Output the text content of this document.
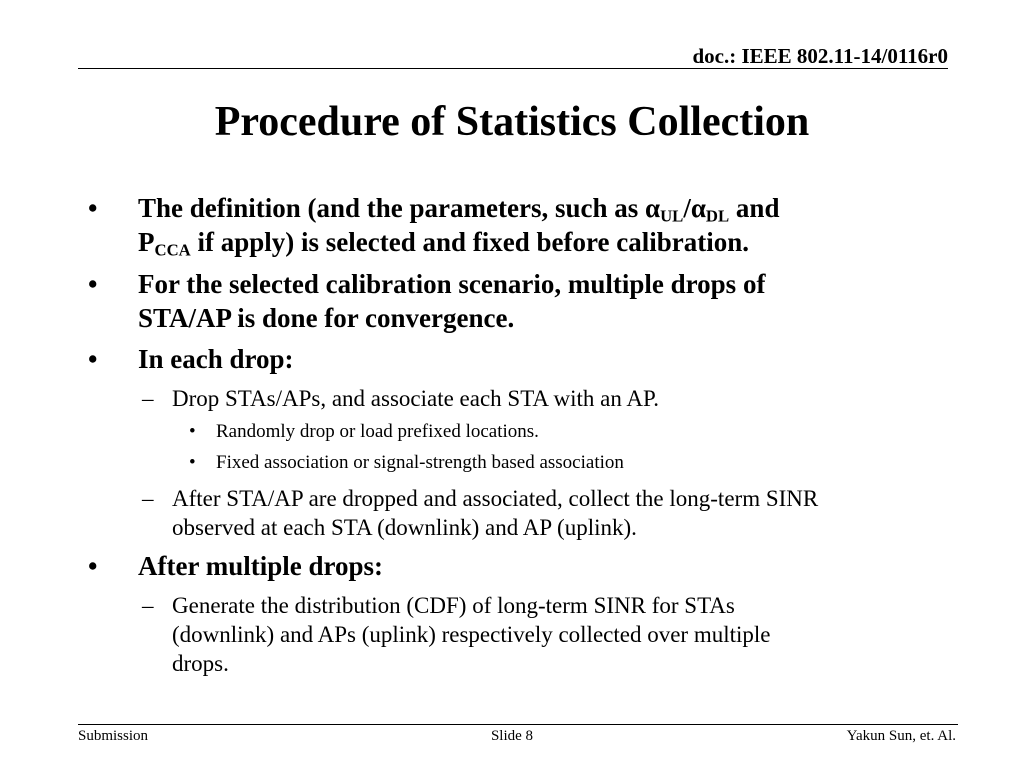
doc.: IEEE 802.11-14/0116r0
Procedure of Statistics Collection
• The definition (and the parameters, such as $\alpha_{UL}/\alpha_{DL}$ and
$P_{CCA}$ if apply) is selected and fixed before calibration.
• For the selected calibration scenario, multiple drops of
STA/AP is done for convergence.
• In each drop:
– Drop STAs/APs, and associate each STA with an AP.
• Randomly drop or load prefixed locations.
• Fixed association or signal-strength based association
– After STA/AP are dropped and associated, collect the long-term SINR
observed at each STA (downlink) and AP (uplink).
• After multiple drops:
– Generate the distribution (CDF) of long-term SINR for STAs
(downlink) and APs (uplink) respectively collected over multiple
drops.
Submission	Slide 8	Yakun Sun, et. Al.
